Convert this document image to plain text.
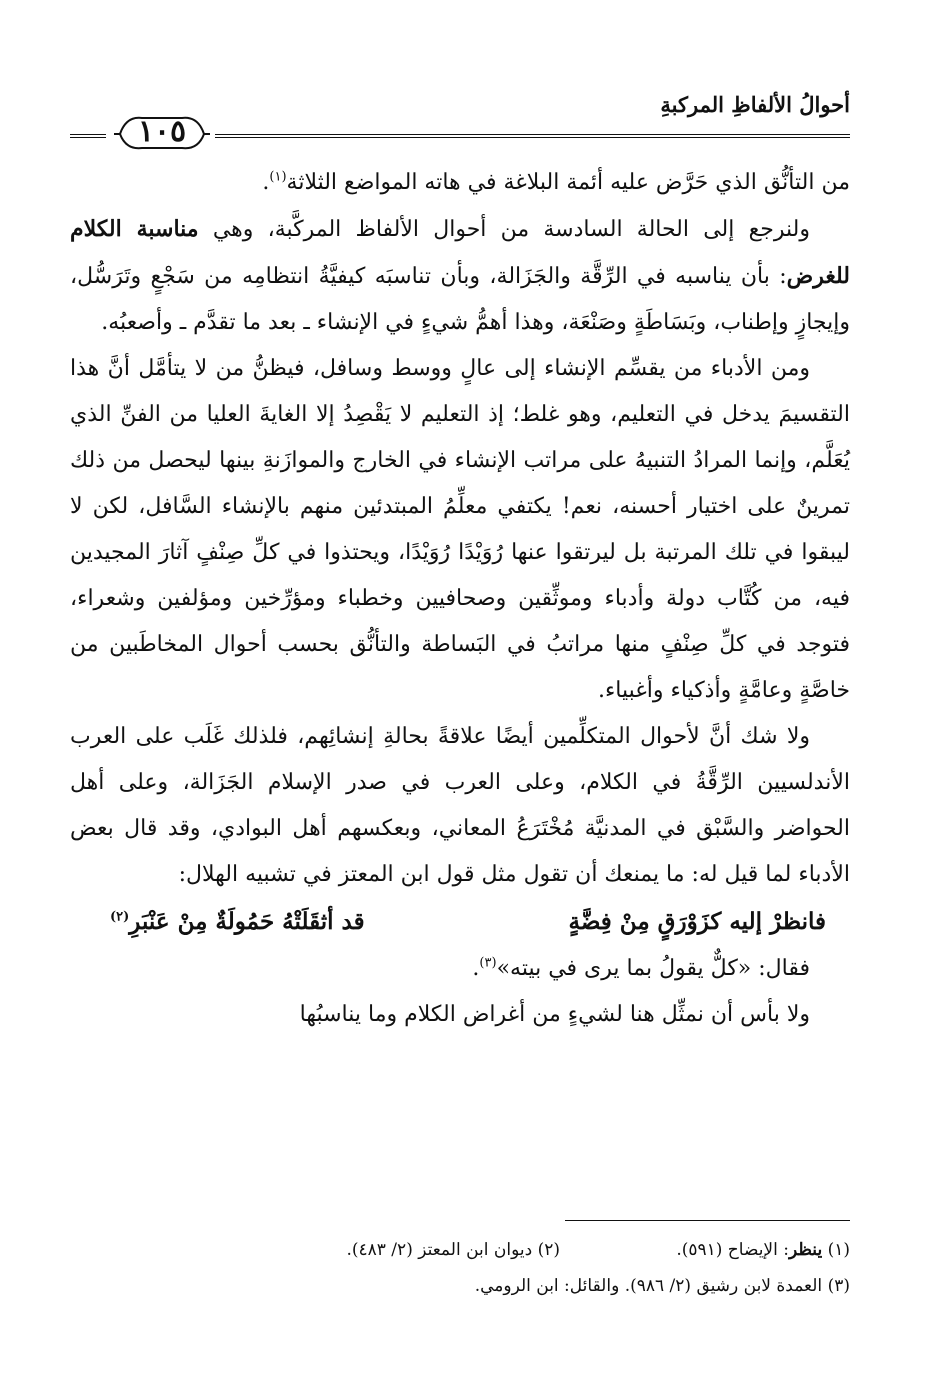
أحوالُ الألفاظِ المركبةِ
١٠٥

من التأنُّق الذي حَرَّض عليه أئمة البلاغة في هاته المواضع الثلاثة$^{(١)}$.

ولنرجع إلى الحالة السادسة من أحوال الألفاظ المركَّبة، وهي مناسبة الكلام للغرض: بأن يناسبه في الرِّقَّة والجَزَالة، وبأن تناسبَه كيفيَّةُ انتظامِه من سَجْعٍ وتَرَسُّل، وإيجازٍ وإطناب، وبَسَاطَةٍ وصَنْعَة، وهذا أهمُّ شيءٍ في الإنشاء ـ بعد ما تقدَّم ـ وأصعبُه.

ومن الأدباء من يقسِّم الإنشاء إلى عالٍ ووسط وسافل، فيظنُّ من لا يتأمَّل أنَّ هذا التقسيمَ يدخل في التعليم، وهو غلط؛ إذ التعليم لا يَقْصِدُ إلا الغايةَ العليا من الفنِّ الذي يُعَلَّم، وإنما المرادُ التنبيهُ على مراتب الإنشاء في الخارج والموازَنةِ بينها ليحصل من ذلك تمرينٌ على اختيار أحسنه، نعم! يكتفي معلِّمُ المبتدئين منهم بالإنشاء السَّافل، لكن لا ليبقوا في تلك المرتبة بل ليرتقوا عنها رُوَيْدًا رُوَيْدًا، ويحتذوا في كلِّ صِنْفٍ آثارَ المجيدين فيه، من كُتَّاب دولة وأدباء وموثِّقين وصحافيين وخطباء ومؤرِّخين ومؤلفين وشعراء، فتوجد في كلِّ صِنْفٍ منها مراتبُ في البَساطة والتأنُّق بحسب أحوال المخاطَبين من خاصَّةٍ وعامَّةٍ وأذكياء وأغبياء.

ولا شك أنَّ لأحوال المتكلِّمين أيضًا علاقةً بحالةِ إنشائِهم، فلذلك غَلَب على العرب الأندلسيين الرِّقَّةُ في الكلام، وعلى العرب في صدر الإسلام الجَزَالة، وعلى أهل الحواضر والسَّبْق في المدنيَّة مُخْتَرَعُ المعاني، وبعكسهم أهل البوادي، وقد قال بعض الأدباء لما قيل له: ما يمنعك أن تقول مثل قول ابن المعتز في تشبيه الهلال:

فانظرْ إليه كزَوْرَقٍ مِنْ فِضَّةٍ
قد أثقَلَتْهُ حَمُولَةٌ مِنْ عَنْبَرِ$^{(٢)}$

فقال: «كلٌّ يقولُ بما يرى في بيته»$^{(٣)}$.

ولا بأس أن نمثِّل هنا لشيءٍ من أغراض الكلام وما يناسبُها

(١) ينظر: الإيضاح (٥٩١).
(٢) ديوان ابن المعتز (٢/ ٤٨٣).
(٣)

العمدة لابن رشيق (٢/ ٩٨٦). والقائل: ابن الرومي.
